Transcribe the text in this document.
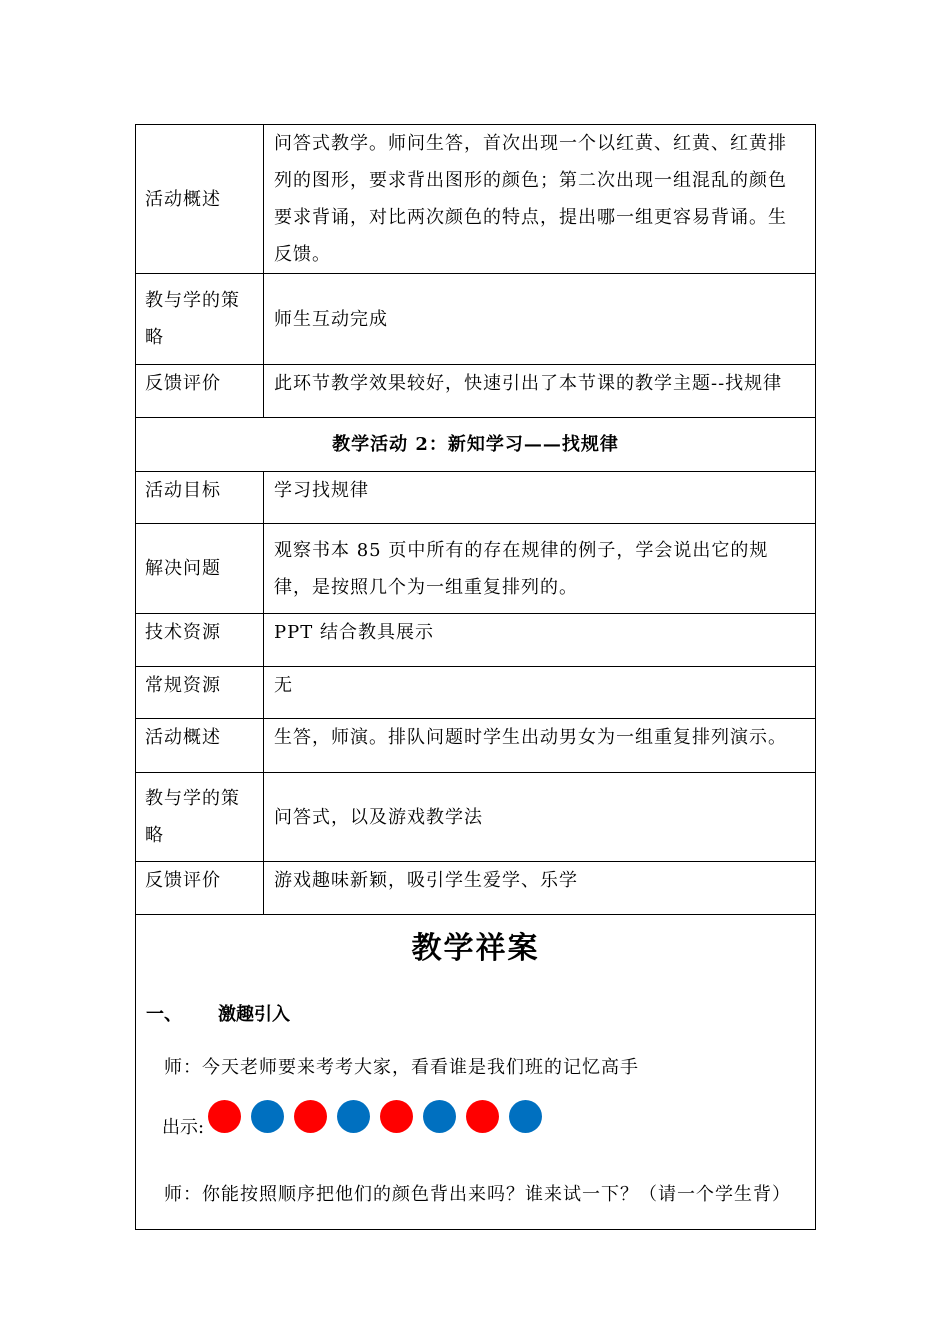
活动概述	问答式教学。师问生答，首次出现一个以红黄、红黄、红黄排列的图形，要求背出图形的颜色；第二次出现一组混乱的颜色要求背诵，对比两次颜色的特点，提出哪一组更容易背诵。生反馈。
教与学的策略	师生互动完成
反馈评价	此环节教学效果较好，快速引出了本节课的教学主题--找规律
教学活动 2：新知学习——找规律	
活动目标	学习找规律
解决问题	观察书本 85 页中所有的存在规律的例子，学会说出它的规律，是按照几个为一组重复排列的。
技术资源	PPT 结合教具展示
常规资源	无
活动概述	生答，师演。排队问题时学生出动男女为一组重复排列演示。
教与学的策略	问答式，以及游戏教学法
反馈评价	游戏趣味新颖，吸引学生爱学、乐学
教学祥案
一、 激趣引入
师：今天老师要来考考大家，看看谁是我们班的记忆高手
出示:
师：你能按照顺序把他们的颜色背出来吗？谁来试一下？（请一个学生背）
